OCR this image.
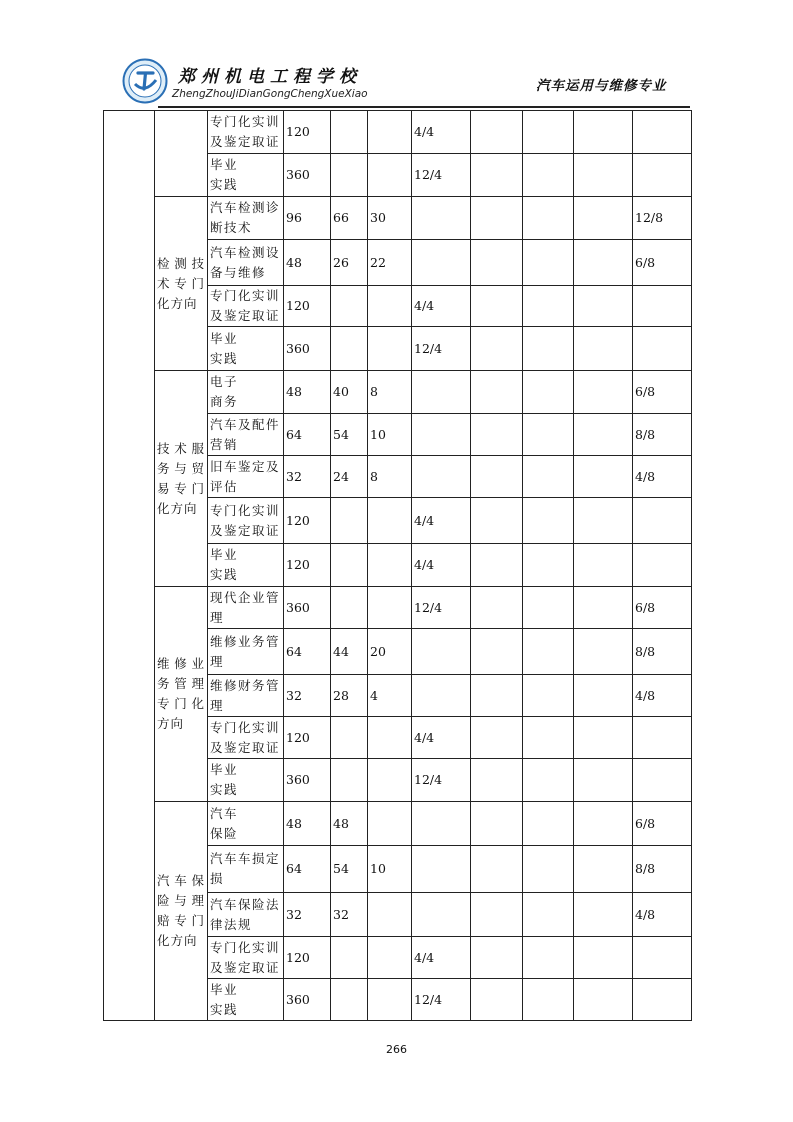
郑州机电工程学校
ZhengZhouJiDianGongChengXueXiao	汽车运用与维修专业
		专门化实训及鉴定取证	120			4/4				
		毕业
实践	360			12/4				
	检测技术专门化方向	汽车检测诊断技术	96	66	30					12/8
		汽车检测设备与维修	48	26	22					6/8
		专门化实训及鉴定取证	120			4/4				
		毕业
实践	360			12/4				
	技术服务与贸易专门化方向	电子
商务	48	40	8					6/8
		汽车及配件营销	64	54	10					8/8
		旧车鉴定及评估	32	24	8					4/8
		专门化实训及鉴定取证	120			4/4				
		毕业
实践	120			4/4				
	维修业务管理专门化方向	现代企业管理	360			12/4				6/8
		维修业务管理	64	44	20					8/8
		维修财务管理	32	28	4					4/8
		专门化实训及鉴定取证	120			4/4				
		毕业
实践	360			12/4				
	汽车保险与理赔专门化方向	汽车
保险	48	48						6/8
		汽车车损定损	64	54	10					8/8
		汽车保险法律法规	32	32						4/8
		专门化实训及鉴定取证	120			4/4				
		毕业
实践	360			12/4				
266
